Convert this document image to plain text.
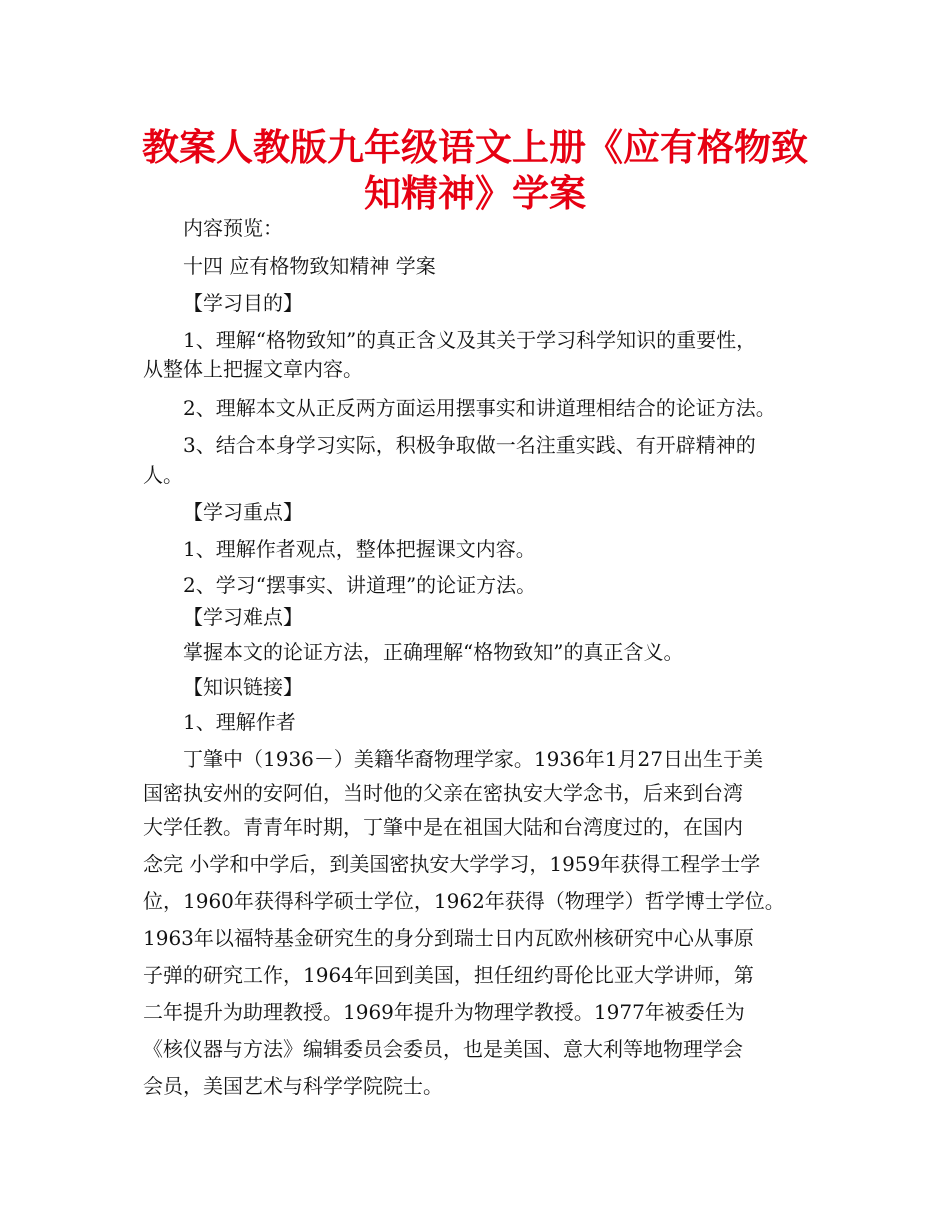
教案人教版九年级语文上册《应有格物致
知精神》学案

内容预览：

十四 应有格物致知精神 学案

【学习目的】

1、理解“格物致知”的真正含义及其关于学习科学知识的重要性，

从整体上把握文章内容。

2、理解本文从正反两方面运用摆事实和讲道理相结合的论证方法。

3、结合本身学习实际，积极争取做一名注重实践、有开辟精神的

人。

【学习重点】

1、理解作者观点，整体把握课文内容。

2、学习“摆事实、讲道理”的论证方法。

【学习难点】

掌握本文的论证方法，正确理解“格物致知”的真正含义。

【知识链接】

1、理解作者

丁肇中（1936－）美籍华裔物理学家。1936年1月27日出生于美

国密执安州的安阿伯，当时他的父亲在密执安大学念书，后来到台湾

大学任教。青青年时期，丁肇中是在祖国大陆和台湾度过的，在国内

念完 小学和中学后，到美国密执安大学学习，1959年获得工程学士学

位，1960年获得科学硕士学位，1962年获得（物理学）哲学博士学位。

1963年以福特基金研究生的身分到瑞士日内瓦欧州核研究中心从事原

子弹的研究工作，1964年回到美国，担任纽约哥伦比亚大学讲师，第

二年提升为助理教授。1969年提升为物理学教授。1977年被委任为

《核仪器与方法》编辑委员会委员，也是美国、意大利等地物理学会

会员，美国艺术与科学学院院士。
